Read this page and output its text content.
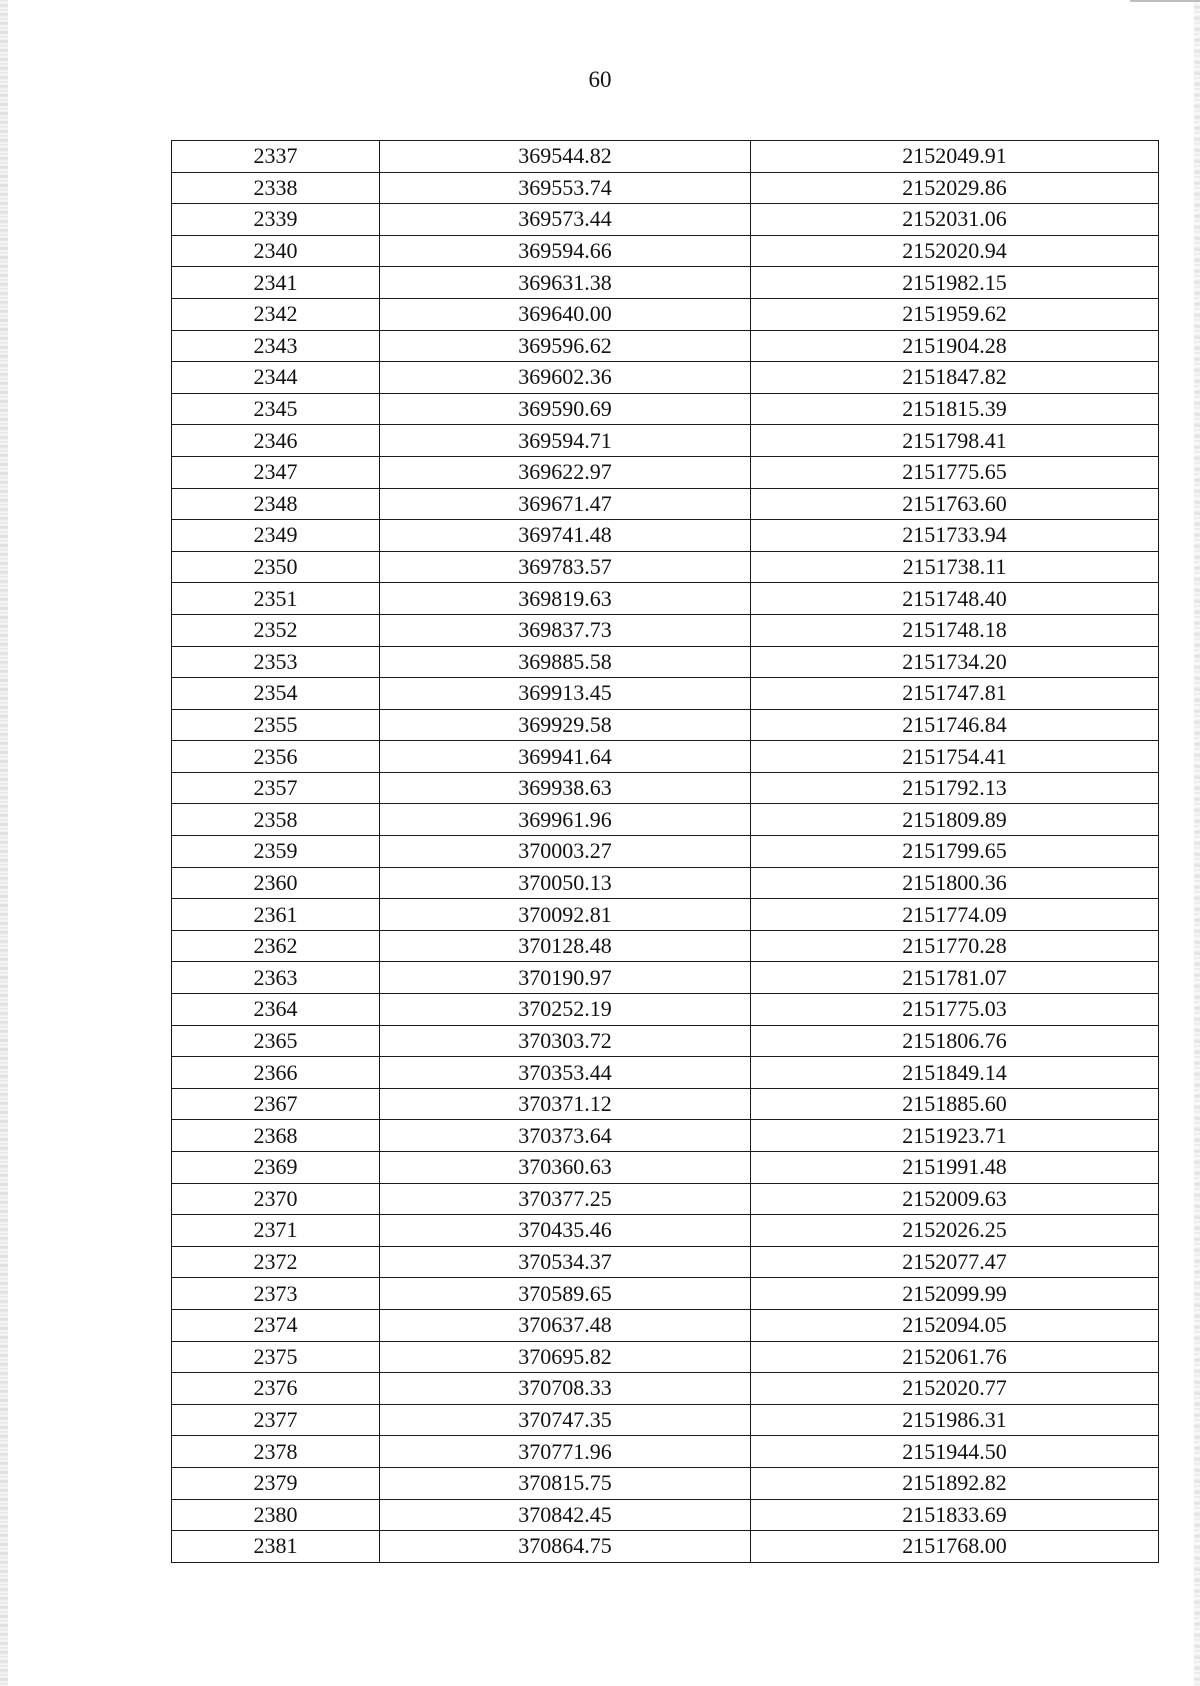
60
2337	369544.82	2152049.91
2338	369553.74	2152029.86
2339	369573.44	2152031.06
2340	369594.66	2152020.94
2341	369631.38	2151982.15
2342	369640.00	2151959.62
2343	369596.62	2151904.28
2344	369602.36	2151847.82
2345	369590.69	2151815.39
2346	369594.71	2151798.41
2347	369622.97	2151775.65
2348	369671.47	2151763.60
2349	369741.48	2151733.94
2350	369783.57	2151738.11
2351	369819.63	2151748.40
2352	369837.73	2151748.18
2353	369885.58	2151734.20
2354	369913.45	2151747.81
2355	369929.58	2151746.84
2356	369941.64	2151754.41
2357	369938.63	2151792.13
2358	369961.96	2151809.89
2359	370003.27	2151799.65
2360	370050.13	2151800.36
2361	370092.81	2151774.09
2362	370128.48	2151770.28
2363	370190.97	2151781.07
2364	370252.19	2151775.03
2365	370303.72	2151806.76
2366	370353.44	2151849.14
2367	370371.12	2151885.60
2368	370373.64	2151923.71
2369	370360.63	2151991.48
2370	370377.25	2152009.63
2371	370435.46	2152026.25
2372	370534.37	2152077.47
2373	370589.65	2152099.99
2374	370637.48	2152094.05
2375	370695.82	2152061.76
2376	370708.33	2152020.77
2377	370747.35	2151986.31
2378	370771.96	2151944.50
2379	370815.75	2151892.82
2380	370842.45	2151833.69
2381	370864.75	2151768.00
